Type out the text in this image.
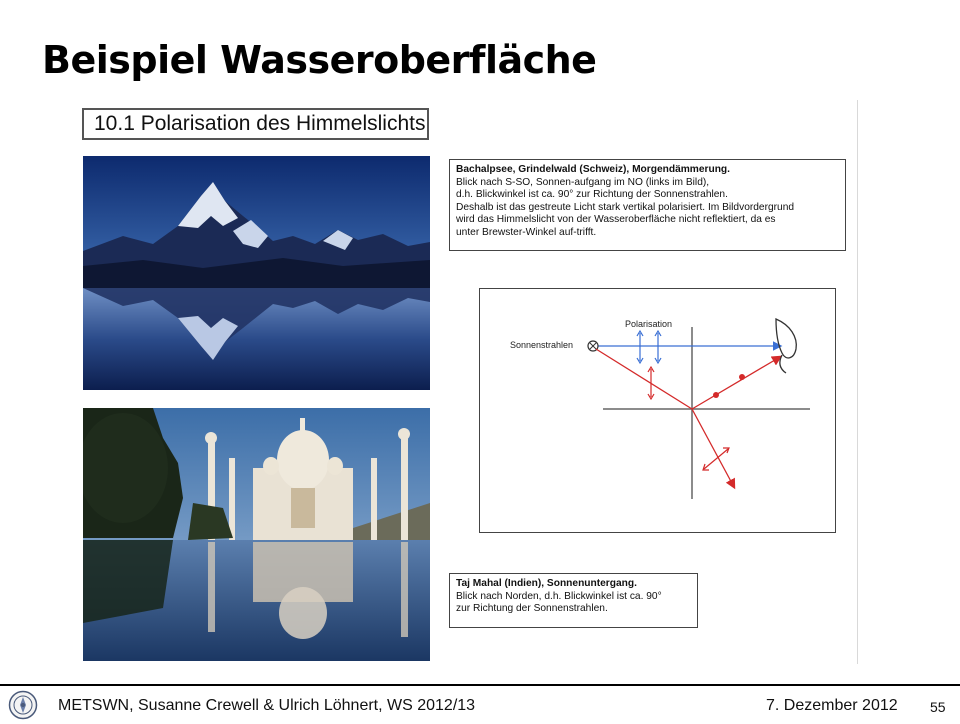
Beispiel Wasseroberfläche
10.1 Polarisation des Himmelslichts
Bachalpsee, Grindelwald (Schweiz), Morgendämmerung.
Blick nach S-SO, Sonnen-aufgang im NO (links im Bild),
d.h. Blickwinkel ist ca. 90° zur Richtung der Sonnenstrahlen.
Deshalb ist das gestreute Licht stark vertikal polarisiert. Im Bildvordergrund
wird das Himmelslicht von der Wasseroberfläche nicht reflektiert, da es
unter Brewster-Winkel auf-trifft.
Polarisation
Sonnenstrahlen
Taj Mahal (Indien), Sonnenuntergang.
Blick nach Norden, d.h. Blickwinkel ist ca. 90°
zur Richtung der Sonnenstrahlen.
METSWN, Susanne Crewell & Ulrich Löhnert, WS 2012/13	7. Dezember 2012 55
